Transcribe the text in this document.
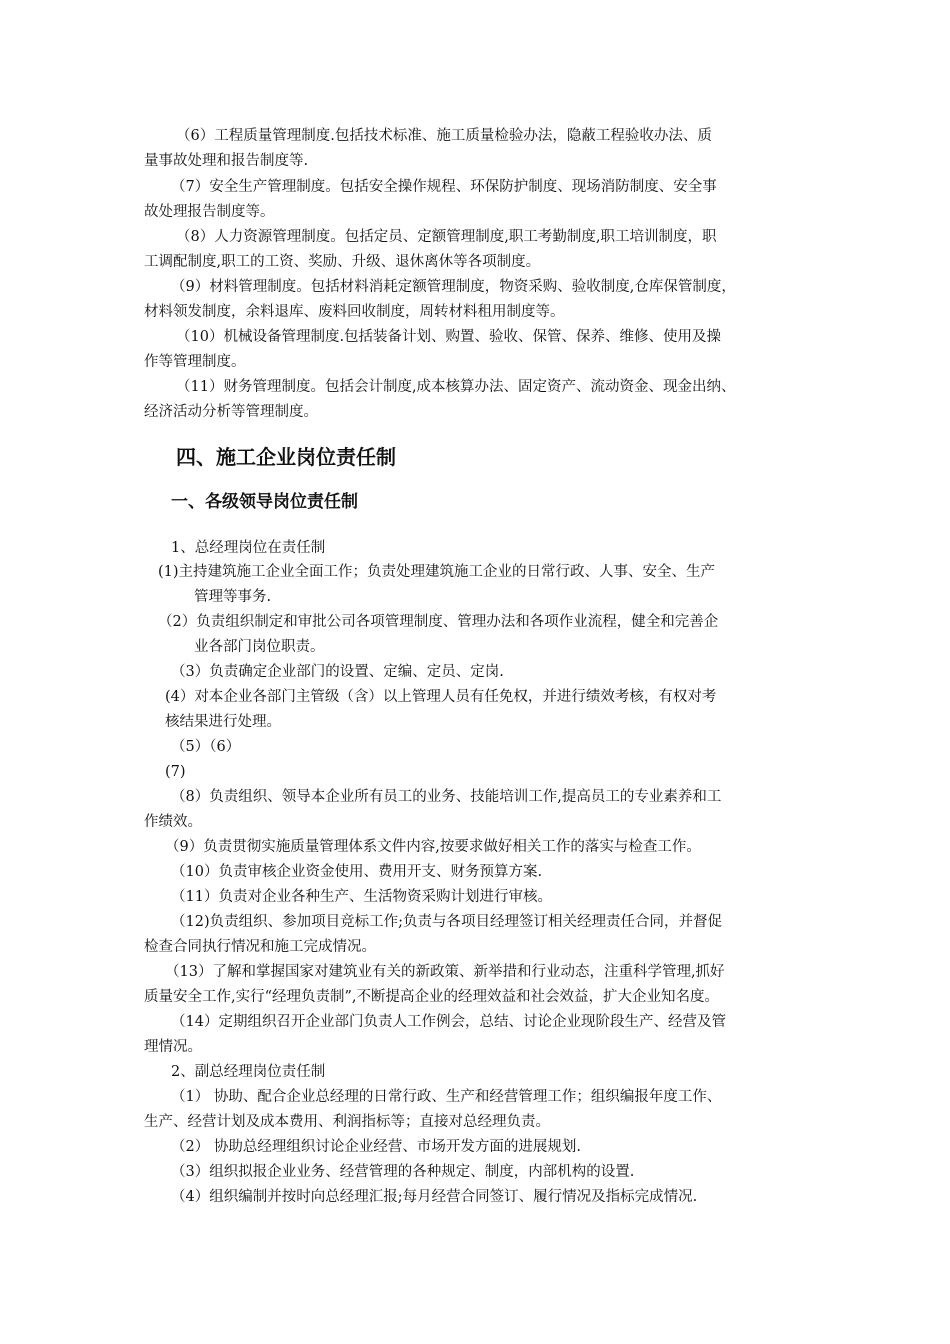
（6）工程质量管理制度.包括技术标准、施工质量检验办法，隐蔽工程验收办法、质
量事故处理和报告制度等.
（7）安全生产管理制度。包括安全操作规程、环保防护制度、现场消防制度、安全事
故处理报告制度等。
（8）人力资源管理制度。包括定员、定额管理制度,职工考勤制度,职工培训制度，职
工调配制度,职工的工资、奖励、升级、退休离休等各项制度。
（9）材料管理制度。包括材料消耗定额管理制度，物资采购、验收制度,仓库保管制度，
材料领发制度，余料退库、废料回收制度，周转材料租用制度等。
（10）机械设备管理制度.包括装备计划、购置、验收、保管、保养、维修、使用及操
作等管理制度。
（11）财务管理制度。包括会计制度,成本核算办法、固定资产、流动资金、现金出纳、
经济活动分析等管理制度。
四、施工企业岗位责任制
一、各级领导岗位责任制
1、总经理岗位在责任制
(1)主持建筑施工企业全面工作；负责处理建筑施工企业的日常行政、人事、安全、生产
管理等事务.
（2）负责组织制定和审批公司各项管理制度、管理办法和各项作业流程，健全和完善企
业各部门岗位职责。
（3）负责确定企业部门的设置、定编、定员、定岗.
(4）对本企业各部门主管级（含）以上管理人员有任免权，并进行绩效考核，有权对考
核结果进行处理。
（5）（6）
(7)
（8）负责组织、领导本企业所有员工的业务、技能培训工作,提高员工的专业素养和工
作绩效。
（9）负责贯彻实施质量管理体系文件内容,按要求做好相关工作的落实与检查工作。
（10）负责审核企业资金使用、费用开支、财务预算方案.
（11）负责对企业各种生产、生活物资采购计划进行审核。
（12)负责组织、参加项目竞标工作;负责与各项目经理签订相关经理责任合同，并督促
检查合同执行情况和施工完成情况。
（13）了解和掌握国家对建筑业有关的新政策、新举措和行业动态，注重科学管理,抓好
质量安全工作,实行“经理负责制”,不断提高企业的经理效益和社会效益，扩大企业知名度。
（14）定期组织召开企业部门负责人工作例会，总结、讨论企业现阶段生产、经营及管
理情况。
2、副总经理岗位责任制
（1） 协助、配合企业总经理的日常行政、生产和经营管理工作；组织编报年度工作、
生产、经营计划及成本费用、利润指标等；直接对总经理负责。
（2） 协助总经理组织讨论企业经营、市场开发方面的进展规划.
（3）组织拟报企业业务、经营管理的各种规定、制度，内部机构的设置.
（4）组织编制并按时向总经理汇报;每月经营合同签订、履行情况及指标完成情况.
